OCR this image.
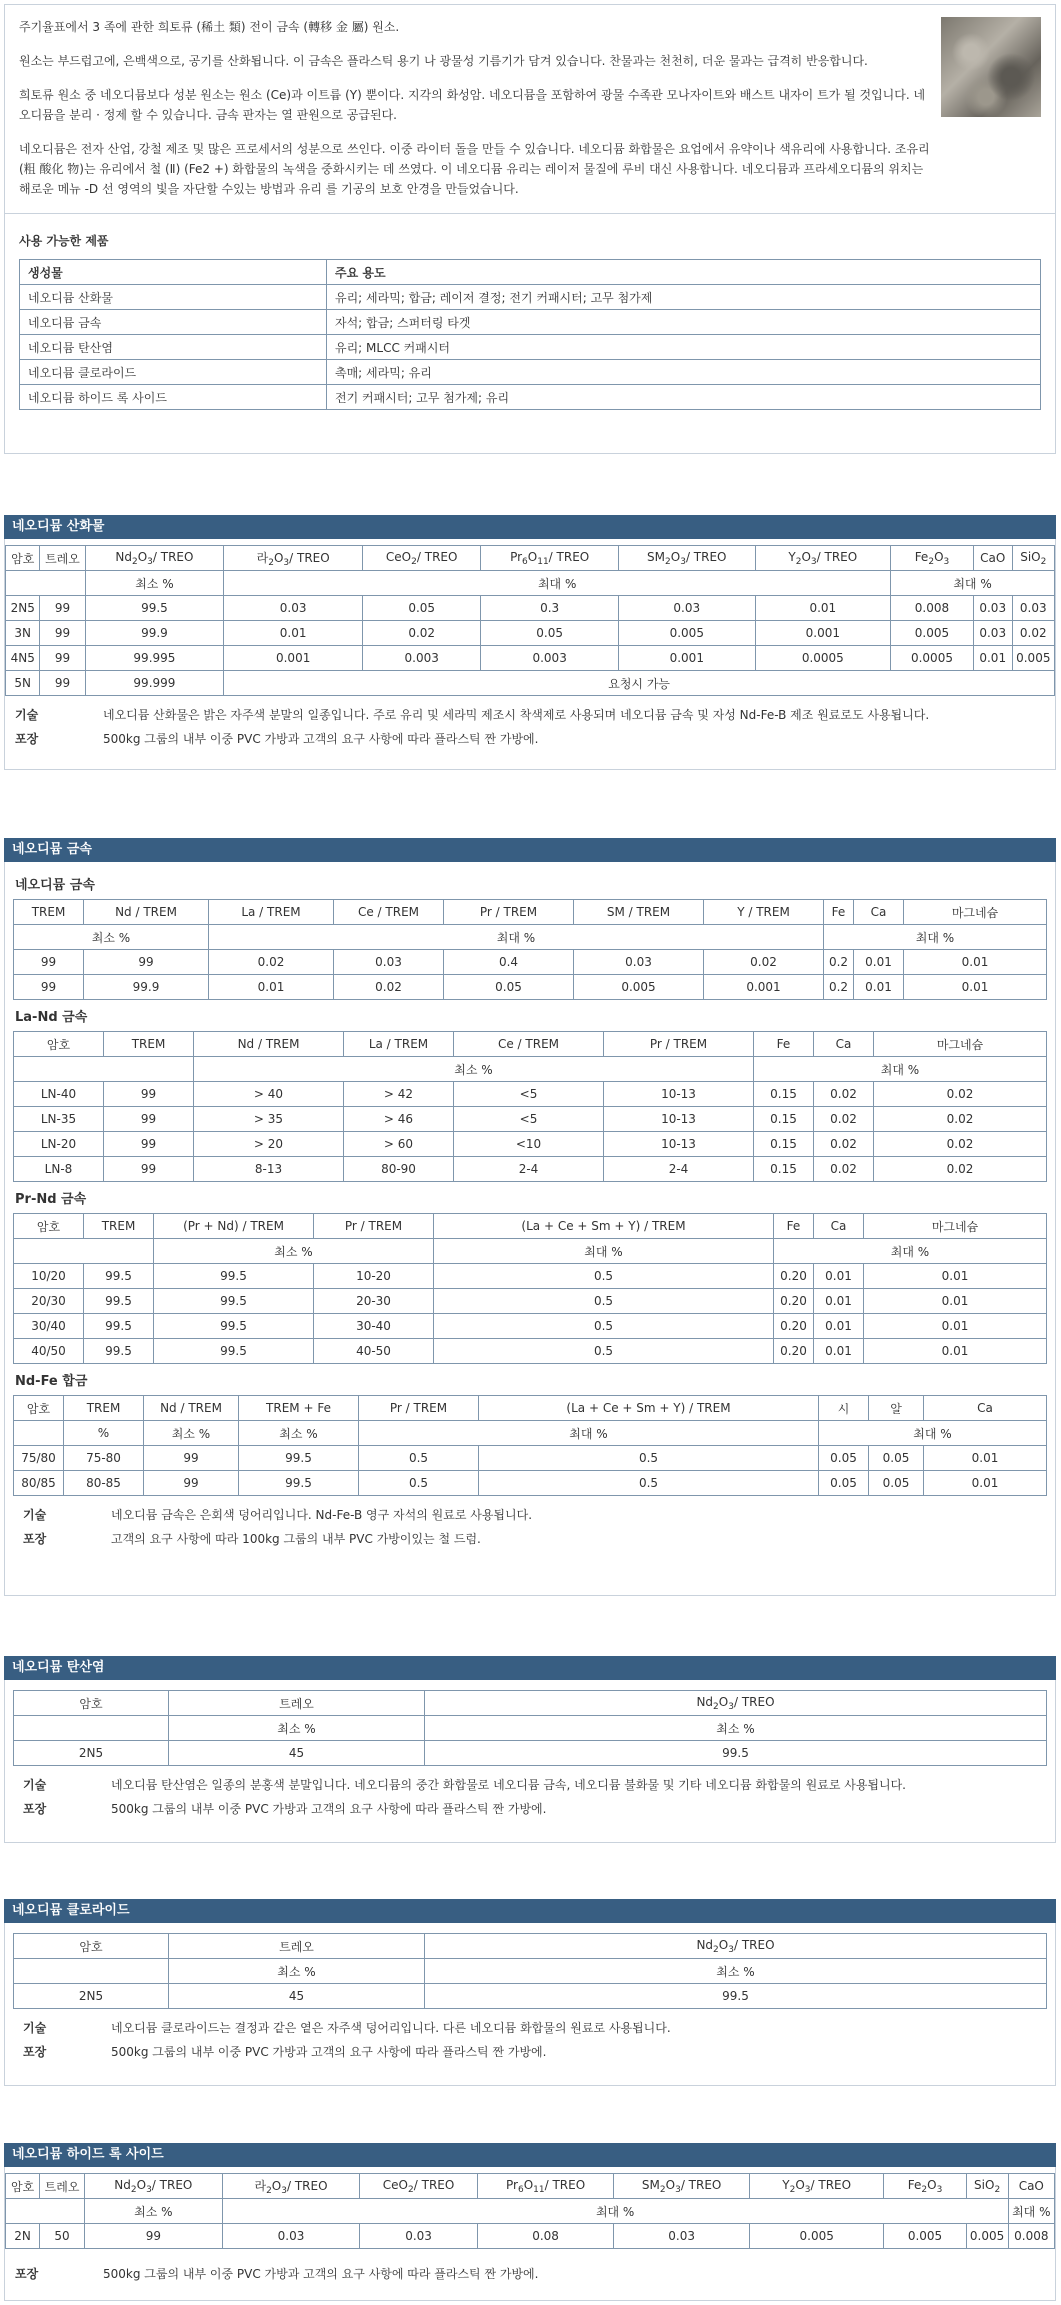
주기율표에서 3 족에 관한 희토류 (稀土 類) 전이 금속 (轉移 金 屬) 원소.

원소는 부드럽고에, 은백색으로, 공기를 산화됩니다. 이 금속은 플라스틱 용기 나 광물성 기름기가 담겨 있습니다. 찬물과는 천천히, 더운 물과는 급격히 반응합니다.

희토류 원소 중 네오디뮴보다 성분 원소는 원소 (Ce)과 이트륨 (Y) 뿐이다. 지각의 화성암. 네오디뮴을 포함하여 광물 수족관 모나자이트와 배스트 내자이 트가 될 것입니다. 네오디뮴을 분리 · 정제 할 수 있습니다. 금속 판자는 열 판원으로 공급된다.

네오디뮴은 전자 산업, 강철 제조 및 많은 프로세서의 성분으로 쓰인다. 이중 라이터 돌을 만들 수 있습니다. 네오디뮴 화합물은 요업에서 유약이나 색유리에 사용합니다. 조유리(粗 酸化 物)는 유리에서 철 (Ⅱ) (Fe2 +) 화합물의 녹색을 중화시키는 데 쓰였다. 이 네오디뮴 유리는 레이저 물질에 루비 대신 사용합니다. 네오디뮴과 프라세오디뮴의 위치는 해로운 메뉴 -D 선 영역의 빛을 자단할 수있는 방법과 유리 를 기공의 보호 안경을 만들었습니다.

사용 가능한 제품
생성물	주요 용도
네오디뮴 산화물	유리; 세라믹; 합금; 레이저 결정; 전기 커패시터; 고무 첨가제
네오디뮴 금속	자석; 합금; 스퍼터링 타겟
네오디뮴 탄산염	유리; MLCC 커패시터
네오디뮴 클로라이드	촉매; 세라믹; 유리
네오디뮴 하이드 록 사이드	전기 커패시터; 고무 첨가제; 유리
네오디뮴 산화물
암호	트레오	$Nd_2O_3/$ TREO	라$_2O_3/$ TREO	CeO$_2$/ TREO	$Pr_6O_{11}/$ TREO	$SM_2O_3/$ TREO	$Y_2O_3/$ TREO	$Fe_2O_3$	CaO	SiO$_2$
		최소 %	최대 %					최대 %		
2N5	99	99.5	0.03	0.05	0.3	0.03	0.01	0.008	0.03	0.03
3N	99	99.9	0.01	0.02	0.05	0.005	0.001	0.005	0.03	0.02
4N5	99	99.995	0.001	0.003	0.003	0.001	0.0005	0.0005	0.01	0.005
5N	99	99.999	요청시 가능							
기술	네오디뮴 산화물은 밝은 자주색 분말의 일종입니다. 주로 유리 및 세라믹 제조시 착색제로 사용되며 네오디뮴 금속 및 자성 Nd-Fe-B 제조 원료로도 사용됩니다.
포장	500kg 그룹의 내부 이중 PVC 가방과 고객의 요구 사항에 따라 플라스틱 짠 가방에.
네오디뮴 금속
네오디뮴 금속
TREM	Nd / TREM	La / TREM	Ce / TREM	Pr / TREM	SM / TREM	Y / TREM	Fe	Ca	마그네슘
최소 %		최대 %					최대 %		
99	99	0.02	0.03	0.4	0.03	0.02	0.2	0.01	0.01
99	99.9	0.01	0.02	0.05	0.005	0.001	0.2	0.01	0.01
La-Nd 금속
암호	TREM	Nd / TREM	La / TREM	Ce / TREM	Pr / TREM	Fe	Ca	마그네슘
		최소 %				최대 %		
LN-40	99	> 40	> 42	<5	10-13	0.15	0.02	0.02
LN-35	99	> 35	> 46	<5	10-13	0.15	0.02	0.02
LN-20	99	> 20	> 60	<10	10-13	0.15	0.02	0.02
LN-8	99	8-13	80-90	2-4	2-4	0.15	0.02	0.02
Pr-Nd 금속
암호	TREM	(Pr + Nd) / TREM	Pr / TREM	(La + Ce + Sm + Y) / TREM	Fe	Ca	마그네슘
		최소 %		최대 %	최대 %		
10/20	99.5	99.5	10-20	0.5	0.20	0.01	0.01
20/30	99.5	99.5	20-30	0.5	0.20	0.01	0.01
30/40	99.5	99.5	30-40	0.5	0.20	0.01	0.01
40/50	99.5	99.5	40-50	0.5	0.20	0.01	0.01
Nd-Fe 합금
암호	TREM	Nd / TREM	TREM + Fe	Pr / TREM	(La + Ce + Sm + Y) / TREM	시	알	Ca
	%	최소 %	최소 %	최대 %		최대 %		
75/80	75-80	99	99.5	0.5	0.5	0.05	0.05	0.01
80/85	80-85	99	99.5	0.5	0.5	0.05	0.05	0.01
기술	네오디뮴 금속은 은회색 덩어리입니다. Nd-Fe-B 영구 자석의 원료로 사용됩니다.
포장	고객의 요구 사항에 따라 100kg 그룹의 내부 PVC 가방이있는 철 드럼.
네오디뮴 탄산염
암호	트레오	$Nd_2O_3/$ TREO
	최소 %	최소 %
2N5	45	99.5
기술	네오디뮴 탄산염은 일종의 분홍색 분말입니다. 네오디뮴의 중간 화합물로 네오디뮴 금속, 네오디뮴 불화물 및 기타 네오디뮴 화합물의 원료로 사용됩니다.
포장	500kg 그룹의 내부 이중 PVC 가방과 고객의 요구 사항에 따라 플라스틱 짠 가방에.
네오디뮴 클로라이드
암호	트레오	$Nd_2O_3/$ TREO
	최소 %	최소 %
2N5	45	99.5
기술	네오디뮴 클로라이드는 결정과 같은 옅은 자주색 덩어리입니다. 다른 네오디뮴 화합물의 원료로 사용됩니다.
포장	500kg 그룹의 내부 이중 PVC 가방과 고객의 요구 사항에 따라 플라스틱 짠 가방에.
네오디뮴 하이드 록 사이드
암호	트레오	$Nd_2O_3/$ TREO	라$_2O_3/$ TREO	CeO$_2$/ TREO	$Pr_6O_{11}/$ TREO	$SM_2O_3/$ TREO	$Y_2O_3/$ TREO	$Fe_2O_3$	SiO$_2$	CaO
		최소 %	최대 %							최대 %
2N	50	99	0.03	0.03	0.08	0.03	0.005	0.005	0.005	0.008
포장	500kg 그룹의 내부 이중 PVC 가방과 고객의 요구 사항에 따라 플라스틱 짠 가방에.
